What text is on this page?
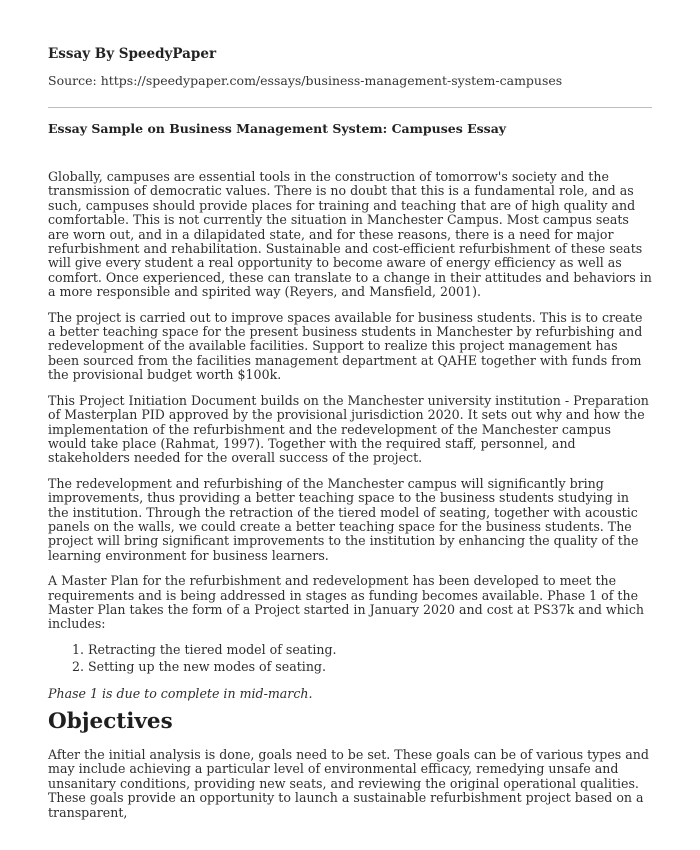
Essay By SpeedyPaper
Source: https://speedypaper.com/essays/business-management-system-campuses
Essay Sample on Business Management System: Campuses Essay

Globally, campuses are essential tools in the construction of tomorrow's society and the transmission of democratic values. There is no doubt that this is a fundamental role, and as such, campuses should provide places for training and teaching that are of high quality and comfortable. This is not currently the situation in Manchester Campus. Most campus seats are worn out, and in a dilapidated state, and for these reasons, there is a need for major refurbishment and rehabilitation. Sustainable and cost-efficient refurbishment of these seats will give every student a real opportunity to become aware of energy efficiency as well as comfort. Once experienced, these can translate to a change in their attitudes and behaviors in a more responsible and spirited way (Reyers, and Mansfield, 2001).

The project is carried out to improve spaces available for business students. This is to create a better teaching space for the present business students in Manchester by refurbishing and redevelopment of the available facilities. Support to realize this project management has been sourced from the facilities management department at QAHE together with funds from the provisional budget worth $100k.

This Project Initiation Document builds on the Manchester university institution - Preparation of Masterplan PID approved by the provisional jurisdiction 2020. It sets out why and how the implementation of the refurbishment and the redevelopment of the Manchester campus would take place (Rahmat, 1997). Together with the required staff, personnel, and stakeholders needed for the overall success of the project.

The redevelopment and refurbishing of the Manchester campus will significantly bring improvements, thus providing a better teaching space to the business students studying in the institution. Through the retraction of the tiered model of seating, together with acoustic panels on the walls, we could create a better teaching space for the business students. The project will bring significant improvements to the institution by enhancing the quality of the learning environment for business learners.

A Master Plan for the refurbishment and redevelopment has been developed to meet the requirements and is being addressed in stages as funding becomes available. Phase 1 of the Master Plan takes the form of a Project started in January 2020 and cost at PS37k and which includes:

1. Retracting the tiered model of seating.
2. Setting up the new modes of seating.

Phase 1 is due to complete in mid-march.

Objectives

After the initial analysis is done, goals need to be set. These goals can be of various types and may include achieving a particular level of environmental efficacy, remedying unsafe and unsanitary conditions, providing new seats, and reviewing the original operational qualities. These goals provide an opportunity to launch a sustainable refurbishment project based on a transparent,
